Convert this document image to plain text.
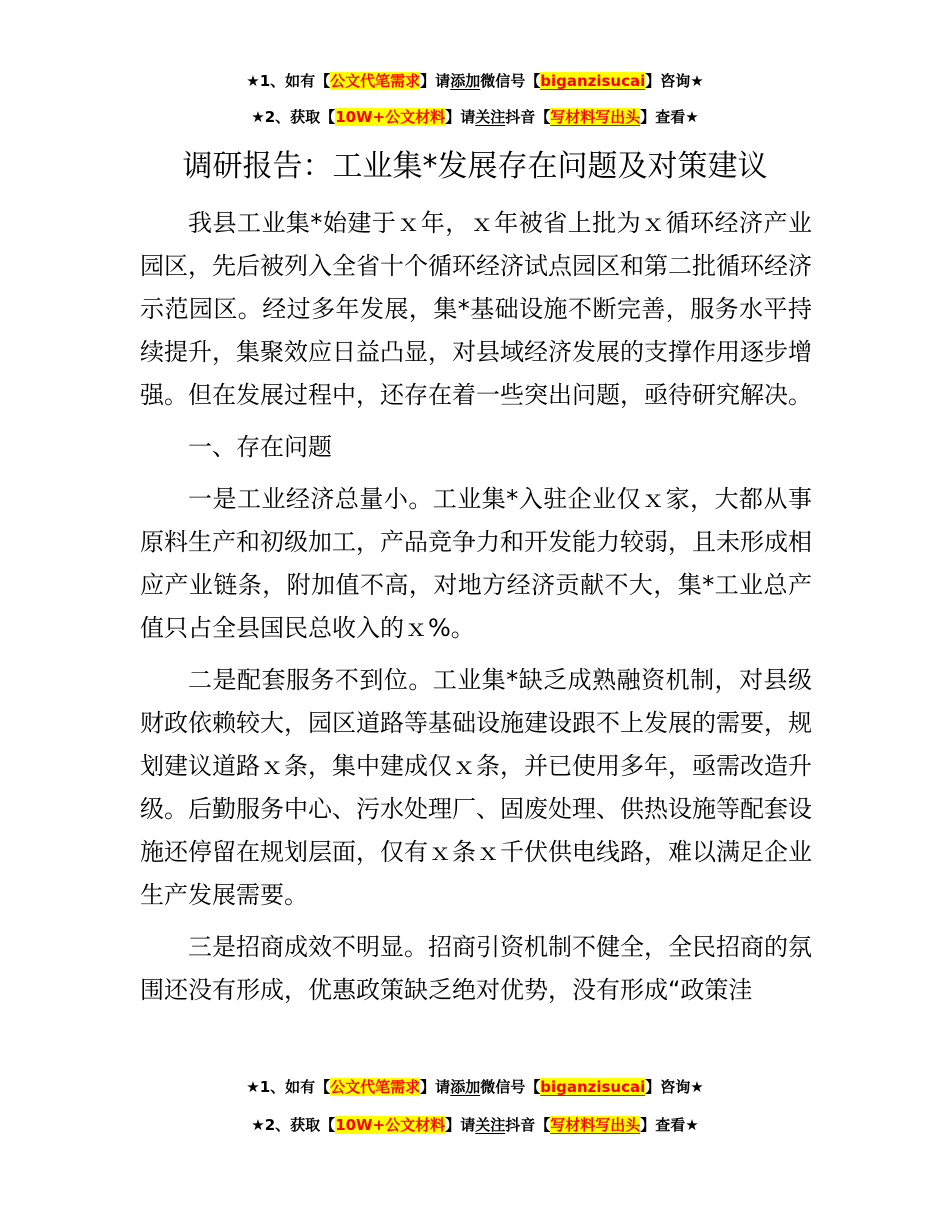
★1、如有【公文代笔需求】请添加微信号【biganzisucai】咨询★
★2、获取【10W+公文材料】请关注抖音【写材料写出头】查看★
调研报告：工业集*发展存在问题及对策建议

我县工业集*始建于ｘ年，ｘ年被省上批为ｘ循环经济产业园区，先后被列入全省十个循环经济试点园区和第二批循环经济示范园区。经过多年发展，集*基础设施不断完善，服务水平持续提升，集聚效应日益凸显，对县域经济发展的支撑作用逐步增强。但在发展过程中，还存在着一些突出问题，亟待研究解决。

一、存在问题

一是工业经济总量小。工业集*入驻企业仅ｘ家，大都从事原料生产和初级加工，产品竞争力和开发能力较弱，且未形成相应产业链条，附加值不高，对地方经济贡献不大，集*工业总产值只占全县国民总收入的ｘ%。

二是配套服务不到位。工业集*缺乏成熟融资机制，对县级财政依赖较大，园区道路等基础设施建设跟不上发展的需要，规划建议道路ｘ条，集中建成仅ｘ条，并已使用多年，亟需改造升级。后勤服务中心、污水处理厂、固废处理、供热设施等配套设施还停留在规划层面，仅有ｘ条ｘ千伏供电线路，难以满足企业生产发展需要。

三是招商成效不明显。招商引资机制不健全，全民招商的氛围还没有形成，优惠政策缺乏绝对优势，没有形成“政策洼

★1、如有【公文代笔需求】请添加微信号【biganzisucai】咨询★
★2、获取【10W+公文材料】请关注抖音【写材料写出头】查看★
